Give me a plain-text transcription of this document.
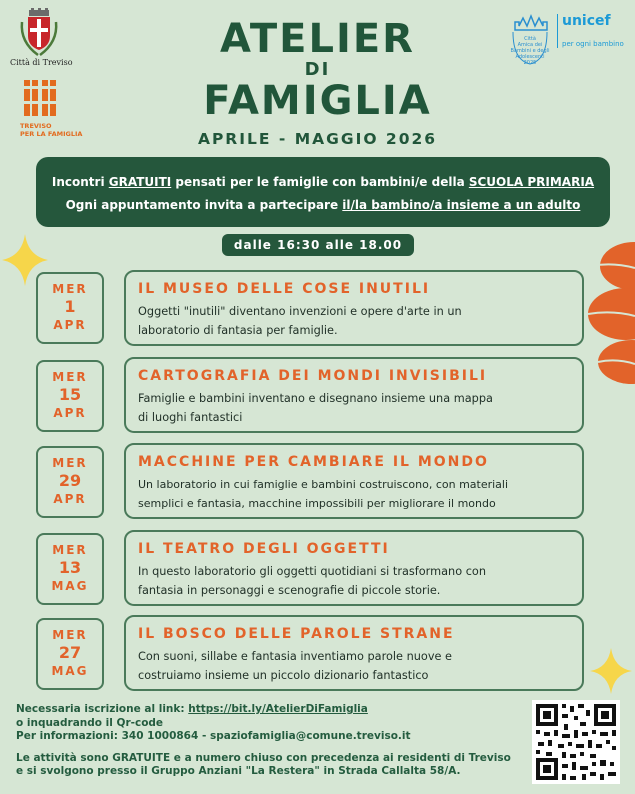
Città di Treviso
TREVISO
PER LA FAMIGLIA
ATELIER
DI
FAMIGLIA
APRILE - MAGGIO 2026
Città
Amica dei
Bambini e degli
Adolescenti
2025
unicef
per ogni bambino
Incontri GRATUITI pensati per le famiglie con bambini/e della SCUOLA PRIMARIA
Ogni appuntamento invita a partecipare il/la bambino/a insieme a un adulto
dalle 16:30 alle 18.00
MER
1
APR
IL MUSEO DELLE COSE INUTILI
Oggetti "inutili" diventano invenzioni e opere d'arte in un
laboratorio di fantasia per famiglie.
MER
15
APR
CARTOGRAFIA DEI MONDI INVISIBILI
Famiglie e bambini inventano e disegnano insieme una mappa
di luoghi fantastici
MER
29
APR
MACCHINE PER CAMBIARE IL MONDO
Un laboratorio in cui famiglie e bambini costruiscono, con materiali
semplici e fantasia, macchine impossibili per migliorare il mondo
MER
13
MAG
IL TEATRO DEGLI OGGETTI
In questo laboratorio gli oggetti quotidiani si trasformano con
fantasia in personaggi e scenografie di piccole storie.
MER
27
MAG
IL BOSCO DELLE PAROLE STRANE
Con suoni, sillabe e fantasia inventiamo parole nuove e
costruiamo insieme un piccolo dizionario fantastico
Necessaria iscrizione al link: https://bit.ly/AtelierDiFamiglia
o inquadrando il Qr-code
Per informazioni: 340 1000864 - spaziofamiglia@comune.treviso.it
Le attività sono GRATUITE e a numero chiuso con precedenza ai residenti di Treviso
e si svolgono presso il Gruppo Anziani "La Restera" in Strada Callalta 58/A.
